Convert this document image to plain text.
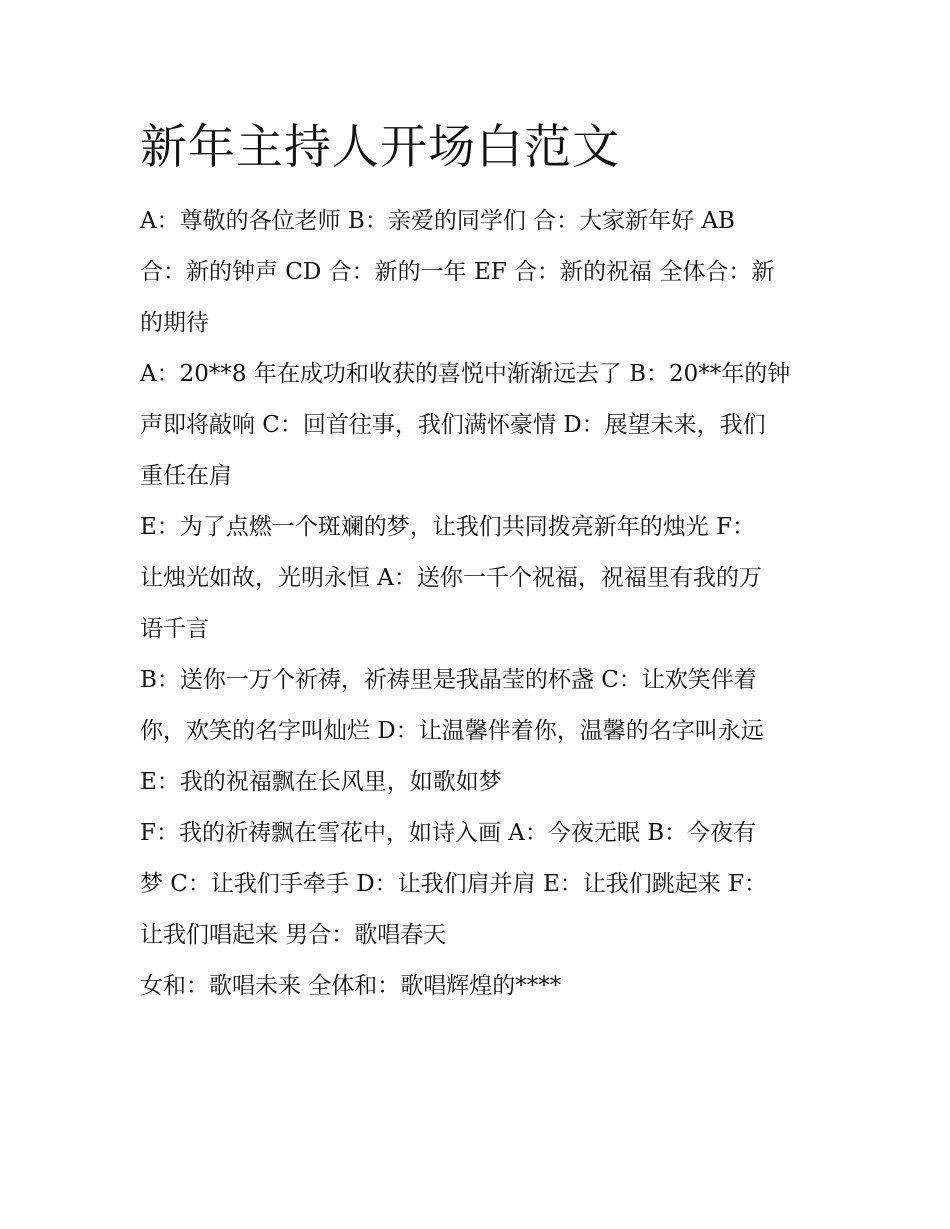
新年主持人开场白范文
A：尊敬的各位老师 B：亲爱的同学们 合：大家新年好 AB
合：新的钟声 CD 合：新的一年 EF 合：新的祝福 全体合：新
的期待
A：20**8 年在成功和收获的喜悦中渐渐远去了 B：20**年的钟
声即将敲响 C：回首往事，我们满怀豪情 D：展望未来，我们
重任在肩
E：为了点燃一个斑斓的梦，让我们共同拨亮新年的烛光 F：
让烛光如故，光明永恒 A：送你一千个祝福，祝福里有我的万
语千言
B：送你一万个祈祷，祈祷里是我晶莹的杯盏 C：让欢笑伴着
你，欢笑的名字叫灿烂 D：让温馨伴着你，温馨的名字叫永远
E：我的祝福飘在长风里，如歌如梦
F：我的祈祷飘在雪花中，如诗入画 A：今夜无眠 B：今夜有
梦 C：让我们手牵手 D：让我们肩并肩 E：让我们跳起来 F：
让我们唱起来 男合：歌唱春天
女和：歌唱未来 全体和：歌唱辉煌的****
